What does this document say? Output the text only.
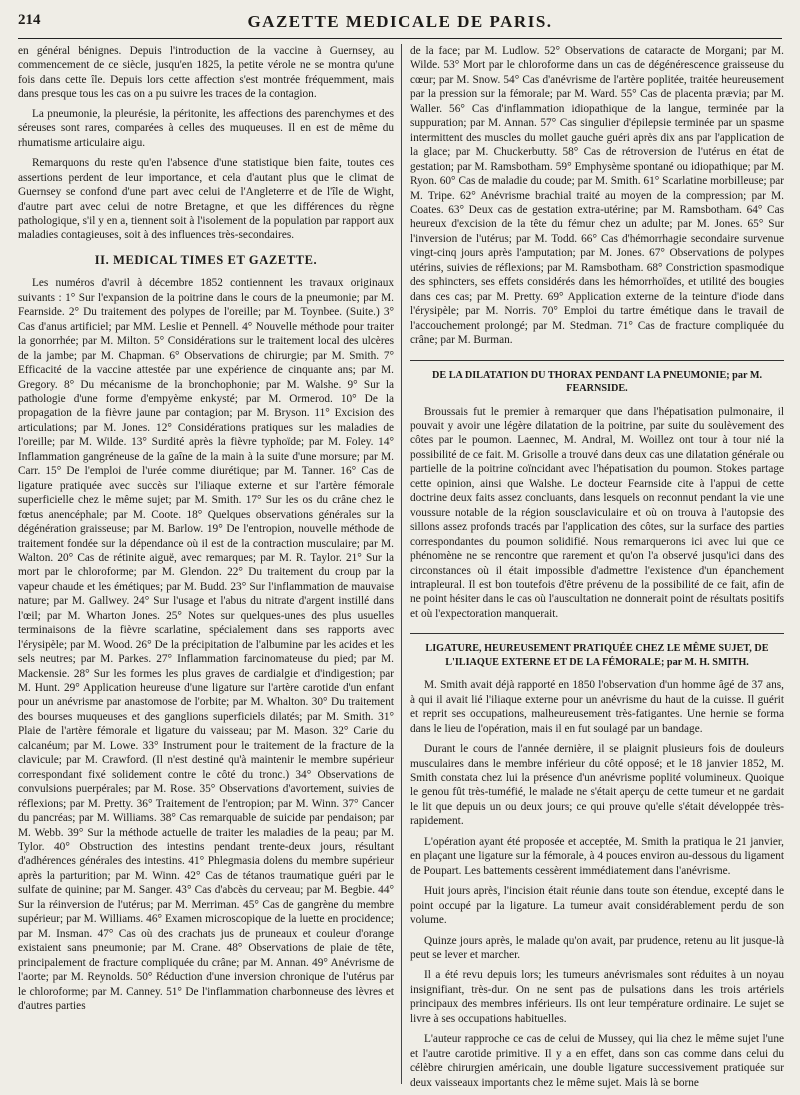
214	GAZETTE MEDICALE DE PARIS.

en général bénignes. Depuis l'introduction de la vaccine à Guernsey, au commencement de ce siècle, jusqu'en 1825, la petite vérole ne se montra qu'une fois dans cette île. Depuis lors cette affection s'est montrée fréquemment, mais dans presque tous les cas on a pu suivre les traces de la contagion.

La pneumonie, la pleurésie, la péritonite, les affections des parenchymes et des séreuses sont rares, comparées à celles des muqueuses. Il en est de même du rhumatisme articulaire aigu.

Remarquons du reste qu'en l'absence d'une statistique bien faite, toutes ces assertions perdent de leur importance, et cela d'autant plus que le climat de Guernsey se confond d'une part avec celui de l'Angleterre et de l'île de Wight, d'autre part avec celui de notre Bretagne, et que les différences du règne pathologique, s'il y en a, tiennent soit à l'isolement de la population par rapport aux maladies contagieuses, soit à des influences très-secondaires.

II. MEDICAL TIMES ET GAZETTE.

Les numéros d'avril à décembre 1852 contiennent les travaux originaux suivants : 1° Sur l'expansion de la poitrine dans le cours de la pneumonie; par M. Fearnside. 2° Du traitement des polypes de l'oreille; par M. Toynbee. (Suite.) 3° Cas d'anus artificiel; par MM. Leslie et Pennell. 4° Nouvelle méthode pour traiter la gonorrhée; par M. Milton. 5° Considérations sur le traitement local des ulcères de la jambe; par M. Chapman. 6° Observations de chirurgie; par M. Smith. 7° Efficacité de la vaccine attestée par une expérience de cinquante ans; par M. Gregory. 8° Du mécanisme de la bronchophonie; par M. Walshe. 9° Sur la pathologie d'une forme d'empyème enkysté; par M. Ormerod. 10° De la propagation de la fièvre jaune par contagion; par M. Bryson. 11° Excision des articulations; par M. Jones. 12° Considérations pratiques sur les maladies de l'oreille; par M. Wilde. 13° Surdité après la fièvre typhoïde; par M. Foley. 14° Inflammation gangréneuse de la gaîne de la main à la suite d'une morsure; par M. Carr. 15° De l'emploi de l'urée comme diurétique; par M. Tanner. 16° Cas de ligature pratiquée avec succès sur l'iliaque externe et sur l'artère fémorale superficielle chez le même sujet; par M. Smith. 17° Sur les os du crâne chez le fœtus anencéphale; par M. Coote. 18° Quelques observations générales sur la dégénération graisseuse; par M. Barlow. 19° De l'entropion, nouvelle méthode de traitement fondée sur la dépendance où il est de la contraction musculaire; par M. Walton. 20° Cas de rétinite aiguë, avec remarques; par M. R. Taylor. 21° Sur la mort par le chloroforme; par M. Glendon. 22° Du traitement du croup par la vapeur chaude et les émétiques; par M. Budd. 23° Sur l'inflammation de mauvaise nature; par M. Gallwey. 24° Sur l'usage et l'abus du nitrate d'argent instillé dans l'œil; par M. Wharton Jones. 25° Notes sur quelques-unes des plus usuelles terminaisons de la fièvre scarlatine, spécialement dans ses rapports avec l'érysipèle; par M. Wood. 26° De la précipitation de l'albumine par les acides et les sels neutres; par M. Parkes. 27° Inflammation farcinomateuse du pied; par M. Mackensie. 28° Sur les formes les plus graves de cardialgie et d'indigestion; par M. Hunt. 29° Application heureuse d'une ligature sur l'artère carotide d'un enfant pour un anévrisme par anastomose de l'orbite; par M. Whalton. 30° Du traitement des bourses muqueuses et des ganglions superficiels dilatés; par M. Smith. 31° Plaie de l'artère fémorale et ligature du vaisseau; par M. Mason. 32° Carie du calcanéum; par M. Lowe. 33° Instrument pour le traitement de la fracture de la clavicule; par M. Crawford. (Il n'est destiné qu'à maintenir le membre supérieur correspondant fixé solidement contre le côté du tronc.) 34° Observations de convulsions puerpérales; par M. Rose. 35° Observations d'avortement, suivies de réflexions; par M. Pretty. 36° Traitement de l'entropion; par M. Winn. 37° Cancer du pancréas; par M. Williams. 38° Cas remarquable de suicide par pendaison; par M. Webb. 39° Sur la méthode actuelle de traiter les maladies de la peau; par M. Tylor. 40° Obstruction des intestins pendant trente-deux jours, résultant d'adhérences générales des intestins. 41° Phlegmasia dolens du membre supérieur après la parturition; par M. Winn. 42° Cas de tétanos traumatique guéri par le sulfate de quinine; par M. Sanger. 43° Cas d'abcès du cerveau; par M. Begbie. 44° Sur la réinversion de l'utérus; par M. Merriman. 45° Cas de gangrène du membre supérieur; par M. Williams. 46° Examen microscopique de la luette en procidence; par M. Insman. 47° Cas où des crachats jus de pruneaux et couleur d'orange existaient sans pneumonie; par M. Crane. 48° Observations de plaie de tête, principalement de fracture compliquée du crâne; par M. Annan. 49° Anévrisme de l'aorte; par M. Reynolds. 50° Réduction d'une inversion chronique de l'utérus par le chloroforme; par M. Canney. 51° De l'inflammation charbonneuse des lèvres et d'autres parties

de la face; par M. Ludlow. 52° Observations de cataracte de Morgani; par M. Wilde. 53° Mort par le chloroforme dans un cas de dégénérescence graisseuse du cœur; par M. Snow. 54° Cas d'anévrisme de l'artère poplitée, traitée heureusement par la pression sur la fémorale; par M. Ward. 55° Cas de placenta prævia; par M. Waller. 56° Cas d'inflammation idiopathique de la langue, terminée par la suppuration; par M. Annan. 57° Cas singulier d'épilepsie terminée par un spasme intermittent des muscles du mollet gauche guéri après dix ans par l'application de la glace; par M. Chuckerbutty. 58° Cas de rétroversion de l'utérus en état de gestation; par M. Ramsbotham. 59° Emphysème spontané ou idiopathique; par M. Ryon. 60° Cas de maladie du coude; par M. Smith. 61° Scarlatine morbilleuse; par M. Tripe. 62° Anévrisme brachial traité au moyen de la compression; par M. Coates. 63° Deux cas de gestation extra-utérine; par M. Ramsbotham. 64° Cas heureux d'excision de la tête du fémur chez un adulte; par M. Jones. 65° Sur l'inversion de l'utérus; par M. Todd. 66° Cas d'hémorrhagie secondaire survenue vingt-cinq jours après l'amputation; par M. Jones. 67° Observations de polypes utérins, suivies de réflexions; par M. Ramsbotham. 68° Constriction spasmodique des sphincters, ses effets considérés dans les hémorrhoïdes, et utilité des bougies dans ces cas; par M. Pretty. 69° Application externe de la teinture d'iode dans l'érysipèle; par M. Norris. 70° Emploi du tartre émétique dans le travail de l'accouchement prolongé; par M. Stedman. 71° Cas de fracture compliquée du crâne; par M. Burman.

DE LA DILATATION DU THORAX PENDANT LA PNEUMONIE; par M. FEARNSIDE.

Broussais fut le premier à remarquer que dans l'hépatisation pulmonaire, il pouvait y avoir une légère dilatation de la poitrine, par suite du soulèvement des côtes par le poumon. Laennec, M. Andral, M. Woillez ont tour à tour nié la possibilité de ce fait. M. Grisolle a trouvé dans deux cas une dilatation générale ou partielle de la poitrine coïncidant avec l'hépatisation du poumon. Stokes partage cette opinion, ainsi que Walshe. Le docteur Fearnside cite à l'appui de cette doctrine deux faits assez concluants, dans lesquels on reconnut pendant la vie une voussure notable de la région sousclaviculaire et où on trouva à l'autopsie des sillons assez profonds tracés par l'application des côtes, sur la surface des parties correspondantes du poumon solidifié. Nous remarquerons ici avec lui que ce phénomène ne se rencontre que rarement et qu'on l'a observé jusqu'ici dans des circonstances où il était impossible d'admettre l'existence d'un épanchement intrapleural. Il est bon toutefois d'être prévenu de la possibilité de ce fait, afin de ne point hésiter dans le cas où l'auscultation ne donnerait point de résultats positifs et où l'expectoration manquerait.

LIGATURE, HEUREUSEMENT PRATIQUÉE CHEZ LE MÊME SUJET, DE L'ILIAQUE EXTERNE ET DE LA FÉMORALE; par M. H. SMITH.

M. Smith avait déjà rapporté en 1850 l'observation d'un homme âgé de 37 ans, à qui il avait lié l'iliaque externe pour un anévrisme du haut de la cuisse. Il guérit et reprit ses occupations, malheureusement très-fatigantes. Une hernie se forma dans le lieu de l'opération, mais il en fut soulagé par un bandage.

Durant le cours de l'année dernière, il se plaignit plusieurs fois de douleurs musculaires dans le membre inférieur du côté opposé; et le 18 janvier 1852, M. Smith constata chez lui la présence d'un anévrisme poplité volumineux. Quoique le genou fût très-tuméfié, le malade ne s'était aperçu de cette tumeur et ne gardait le lit que depuis un ou deux jours; ce qui prouve qu'elle s'était développée très-rapidement.

L'opération ayant été proposée et acceptée, M. Smith la pratiqua le 21 janvier, en plaçant une ligature sur la fémorale, à 4 pouces environ au-dessous du ligament de Poupart. Les battements cessèrent immédiatement dans l'anévrisme.

Huit jours après, l'incision était réunie dans toute son étendue, excepté dans le point occupé par la ligature. La tumeur avait considérablement perdu de son volume.

Quinze jours après, le malade qu'on avait, par prudence, retenu au lit jusque-là peut se lever et marcher.

Il a été revu depuis lors; les tumeurs anévrismales sont réduites à un noyau insignifiant, très-dur. On ne sent pas de pulsations dans les trois artériels principaux des membres inférieurs. Ils ont leur température ordinaire. Le sujet se livre à ses occupations habituelles.

L'auteur rapproche ce cas de celui de Mussey, qui lia chez le même sujet l'une et l'autre carotide primitive. Il y a en effet, dans son cas comme dans celui du célèbre chirurgien américain, une double ligature successivement pratiquée sur deux vaisseaux importants chez le même sujet. Mais là se borne
